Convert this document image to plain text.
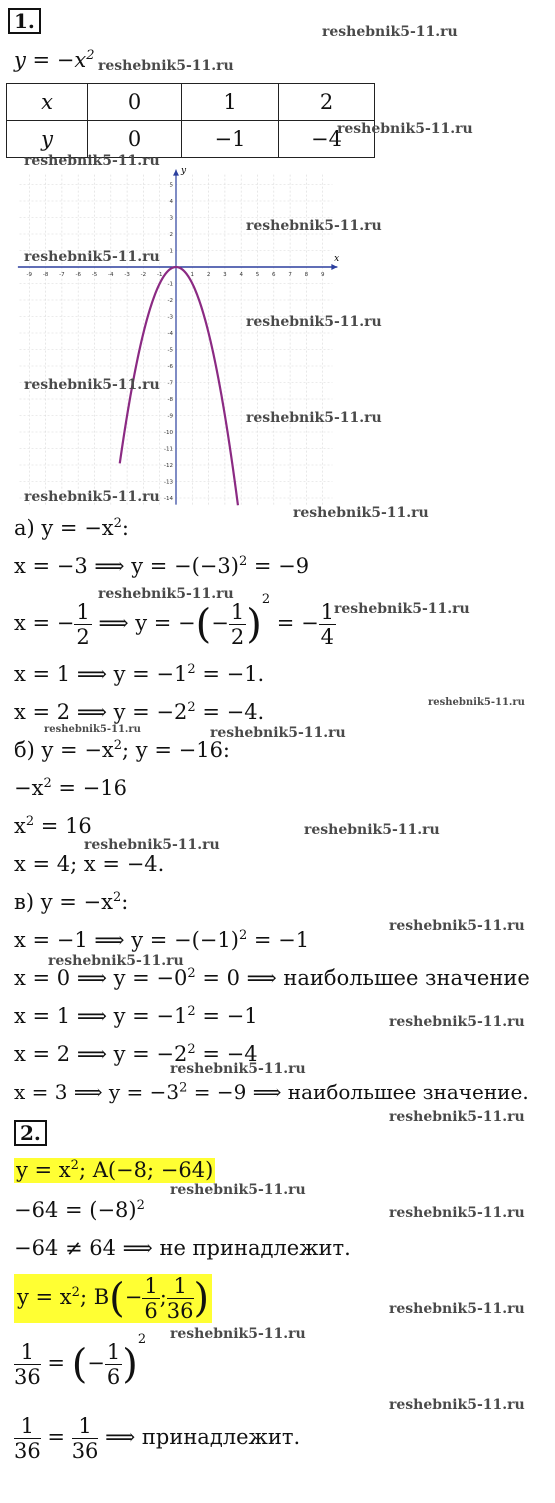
1.
$y = -x^2$
x	0	1	2
y	0	−1	−4
x
y
-9 -8 -7 -6 -5 -4 -3 -2 -1	1 2 3 4 5 6 7 8 9
5
4
3
2
1
-1
-2
-3
-4
-5
-6
-7
-8
-9
-10
-11
-12
-13
-14
а) $y = -x^2$:
x = −3 ⟹ $y = -(-3)^2 = -9$
x = − $\frac{1}{2}$ ⟹ y = −(− $\frac{1}{2} )^2$ = − $\frac{1}{4}$
x = 1 ⟹ $y = -1^2 = -1$.
x = 2 ⟹ $y = -2^2 = -4$.
б) $y = -x^2$; y = −16:
$-x^2 = -16$
$x^2 = 16$
x = 4; x = −4.
в) $y = -x^2$:
x = −1 ⟹ $y = -(-1)^2 = -1$
x = 0 ⟹ $y = -0^2 = 0$ ⟹ наибольшее значение
x = 1 ⟹ $y = -1^2 = -1$
x = 2 ⟹ $y = -2^2 = -4$
x = 3 ⟹ $y = -3^2 = -9$ ⟹ наибольшее значение.
2.
$y = x^2$; A(−8; −64)
$-64 = (-8)^2$
−64 ≠ 64 ⟹ не принадлежит.
$y = x^2$; $B(- \frac{1}{6}$ ; $\frac{1}{36}$ )
$\frac{1}{36}$ = (− $\frac{1}{6} )^2$
$\frac{1}{36} = \frac{1}{36}$ ⟹ принадлежит.
reshebnik5-11.ru
reshebnik5-11.ru
reshebnik5-11.ru
reshebnik5-11.ru
reshebnik5-11.ru
reshebnik5-11.ru
reshebnik5-11.ru
reshebnik5-11.ru
reshebnik5-11.ru
reshebnik5-11.ru
reshebnik5-11.ru
reshebnik5-11.ru
reshebnik5-11.ru
reshebnik5-11.ru
reshebnik5-11.ru	reshebnik5-11.ru
reshebnik5-11.ru
reshebnik5-11.ru
reshebnik5-11.ru
reshebnik5-11.ru
reshebnik5-11.ru
reshebnik5-11.ru
reshebnik5-11.ru
reshebnik5-11.ru
reshebnik5-11.ru
reshebnik5-11.ru
reshebnik5-11.ru
reshebnik5-11.ru
